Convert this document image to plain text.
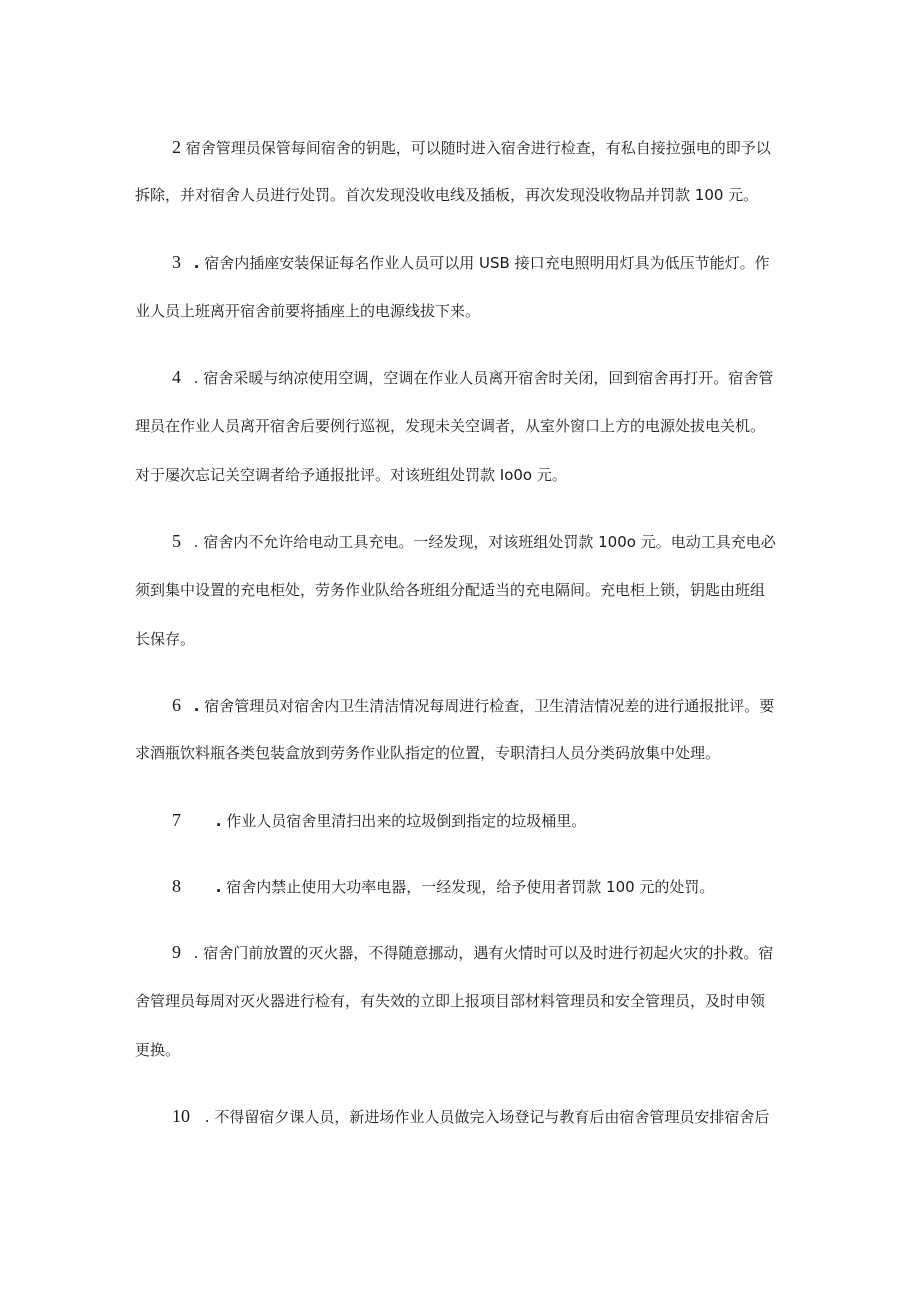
2 宿舍管理员保管每间宿舍的钥匙，可以随时进入宿舍进行检查，有私自接拉强电的即予以
拆除，并对宿舍人员进行处罚。首次发现没收电线及插板，再次发现没收物品并罚款 100 元。
3 . 宿舍内插座安装保证每名作业人员可以用 USB 接口充电照明用灯具为低压节能灯。作
业人员上班离开宿舍前要将插座上的电源线拔下来。
4 . 宿舍采暖与纳凉使用空调，空调在作业人员离开宿舍时关闭，回到宿舍再打开。宿舍管
理员在作业人员离开宿舍后要例行巡视，发现未关空调者，从室外窗口上方的电源处拔电关机。
对于屡次忘记关空调者给予通报批评。对该班组处罚款 Io0o 元。
5 . 宿舍内不允许给电动工具充电。一经发现，对该班组处罚款 100o 元。电动工具充电必
须到集中设置的充电柜处，劳务作业队给各班组分配适当的充电隔间。充电柜上锁，钥匙由班组
长保存。
6 . 宿舍管理员对宿舍内卫生清洁情况每周进行检查，卫生清洁情况差的进行通报批评。要
求酒瓶饮料瓶各类包装盒放到劳务作业队指定的位置，专职清扫人员分类码放集中处理。
7 . 作业人员宿舍里清扫出来的垃圾倒到指定的垃圾桶里。
8 . 宿舍内禁止使用大功率电器，一经发现，给予使用者罚款 100 元的处罚。
9 . 宿舍门前放置的灭火器，不得随意挪动，遇有火情时可以及时进行初起火灾的扑救。宿
舍管理员每周对灭火器进行检有，有失效的立即上报项目部材料管理员和安全管理员，及时申领
更换。
10 . 不得留宿夕课人员，新进场作业人员做完入场登记与教育后由宿舍管理员安排宿舍后
